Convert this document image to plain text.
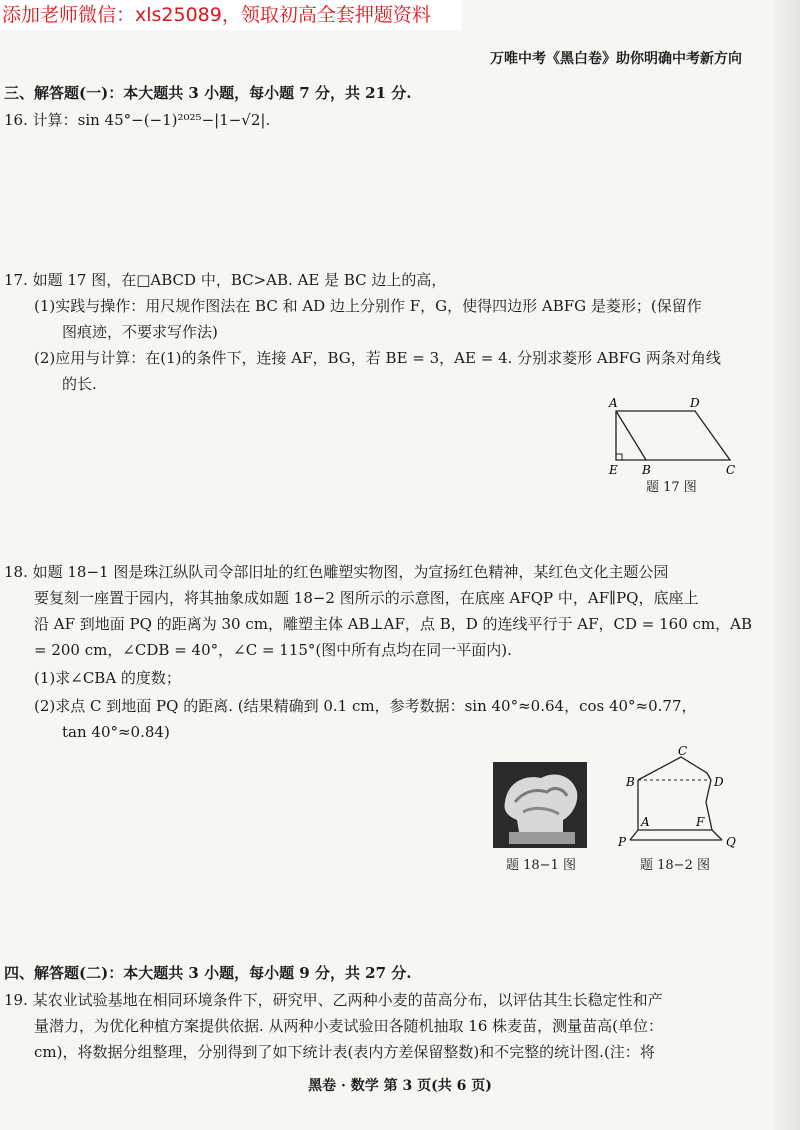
添加老师微信：xls25089，领取初高全套押题资料
万唯中考《黑白卷》助你明确中考新方向
三、解答题(一)：本大题共 3 小题，每小题 7 分，共 21 分.
16. 计算：sin 45°−(−1)²⁰²⁵−|1−√2|.
17. 如题 17 图，在□ABCD 中，BC>AB. AE 是 BC 边上的高，
(1)实践与操作：用尺规作图法在 BC 和 AD 边上分别作 F，G，使得四边形 ABFG 是菱形；(保留作
图痕迹，不要求写作法)
(2)应用与计算：在(1)的条件下，连接 AF，BG，若 BE = 3，AE = 4. 分别求菱形 ABFG 两条对角线
的长.
A	D
E B	C
题 17 图
18. 如题 18−1 图是珠江纵队司令部旧址的红色雕塑实物图，为宣扬红色精神，某红色文化主题公园
要复刻一座置于园内，将其抽象成如题 18−2 图所示的示意图，在底座 AFQP 中，AF∥PQ，底座上
沿 AF 到地面 PQ 的距离为 30 cm，雕塑主体 AB⊥AF，点 B，D 的连线平行于 AF，CD = 160 cm，AB
= 200 cm，∠CDB = 40°，∠C = 115°(图中所有点均在同一平面内).
(1)求∠CBA 的度数；
(2)求点 C 到地面 PQ 的距离. (结果精确到 0.1 cm，参考数据：sin 40°≈0.64，cos 40°≈0.77，
tan 40°≈0.84)
题 18−1 图
C
B	D
A	F
P	Q
题 18−2 图
四、解答题(二)：本大题共 3 小题，每小题 9 分，共 27 分.
19. 某农业试验基地在相同环境条件下，研究甲、乙两种小麦的苗高分布，以评估其生长稳定性和产
量潜力，为优化种植方案提供依据. 从两种小麦试验田各随机抽取 16 株麦苗，测量苗高(单位：
cm)，将数据分组整理，分别得到了如下统计表(表内方差保留整数)和不完整的统计图.(注：将
黑卷 · 数学 第 3 页(共 6 页)
